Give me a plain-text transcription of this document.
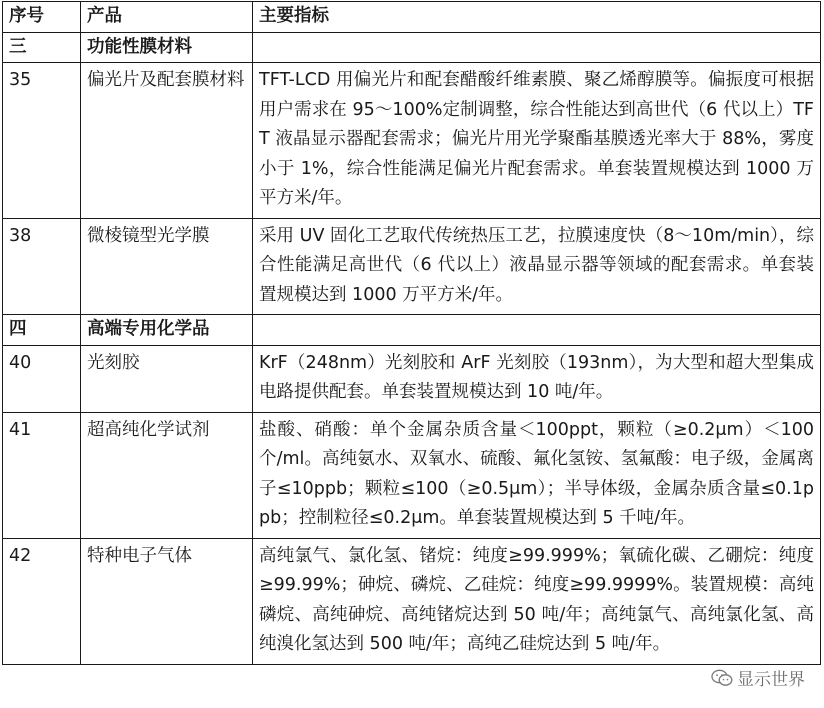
序号	产品	主要指标
三	功能性膜材料	
35	偏光片及配套膜材料	TFT-LCD 用偏光片和配套醋酸纤维素膜、聚乙烯醇膜等。偏振度可根据用户需求在 95～100%定制调整，综合性能达到高世代（6 代以上）TFT 液晶显示器配套需求；偏光片用光学聚酯基膜透光率大于 88%，雾度小于 1%，综合性能满足偏光片配套需求。单套装置规模达到 1000 万平方米/年。
38	微棱镜型光学膜	采用 UV 固化工艺取代传统热压工艺，拉膜速度快（8～10m/min），综合性能满足高世代（6 代以上）液晶显示器等领域的配套需求。单套装置规模达到 1000 万平方米/年。
四	高端专用化学品	
40	光刻胶	KrF（248nm）光刻胶和 ArF 光刻胶（193nm），为大型和超大型集成电路提供配套。单套装置规模达到 10 吨/年。
41	超高纯化学试剂	盐酸、硝酸：单个金属杂质含量＜100ppt，颗粒（≥0.2μm）＜100 个/ml。高纯氨水、双氧水、硫酸、氟化氢铵、氢氟酸：电子级，金属离子≤10ppb；颗粒≤100（≥0.5μm）；半导体级，金属杂质含量≤0.1ppb；控制粒径≤0.2μm。单套装置规模达到 5 千吨/年。
42	特种电子气体	高纯氯气、氯化氢、锗烷：纯度≥99.999%；氧硫化碳、乙硼烷：纯度≥99.99%；砷烷、磷烷、乙硅烷：纯度≥99.9999%。装置规模：高纯磷烷、高纯砷烷、高纯锗烷达到 50 吨/年；高纯氯气、高纯氯化氢、高纯溴化氢达到 500 吨/年；高纯乙硅烷达到 5 吨/年。
显示世界
